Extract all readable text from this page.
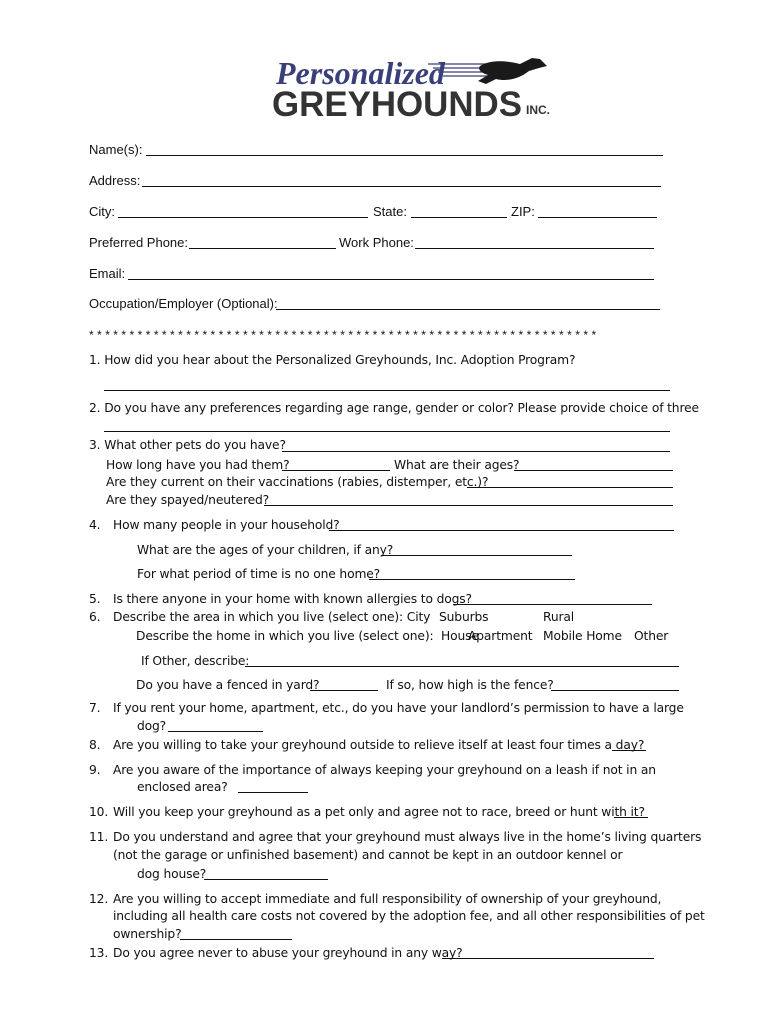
Personalized
GREYHOUNDS INC.
Name(s):
Address:
City:	State:	ZIP:
Preferred Phone:	Work Phone:
Email:
Occupation/Employer (Optional):
* * * * * * * * * * * * * * * * * * * * * * * * * * * * * * * * * * * * * * * * * * * * * * * * * * * * * * * * * * * * * * *
1. How did you hear about the Personalized Greyhounds, Inc. Adoption Program?
2. Do you have any preferences regarding age range, gender or color? Please provide choice of three
3. What other pets do you have?
How long have you had them?	What are their ages?
Are they current on their vaccinations (rabies, distemper, etc.)?
Are they spayed/neutered?
4. How many people in your household?
What are the ages of your children, if any?
For what period of time is no one home?
5. Is there anyone in your home with known allergies to dogs?
6. Describe the area in which you live (select one): City Suburbs	Rural
Describe the home in which you live (select one):  House
Apartment Mobile Home Other
If Other, describe:
Do you have a fenced in yard?	If so, how high is the fence?
7. If you rent your home, apartment, etc., do you have your landlord’s permission to have a large
dog?
8. Are you willing to take your greyhound outside to relieve itself at least four times a day?
9. Are you aware of the importance of always keeping your greyhound on a leash if not in an
enclosed area?
10. Will you keep your greyhound as a pet only and agree not to race, breed or hunt with it?
11. Do you understand and agree that your greyhound must always live in the home’s living quarters
(not the garage or unfinished basement) and cannot be kept in an outdoor kennel or
dog house?
12. Are you willing to accept immediate and full responsibility of ownership of your greyhound,
including all health care costs not covered by the adoption fee, and all other responsibilities of pet
ownership?
13. Do you agree never to abuse your greyhound in any way?
